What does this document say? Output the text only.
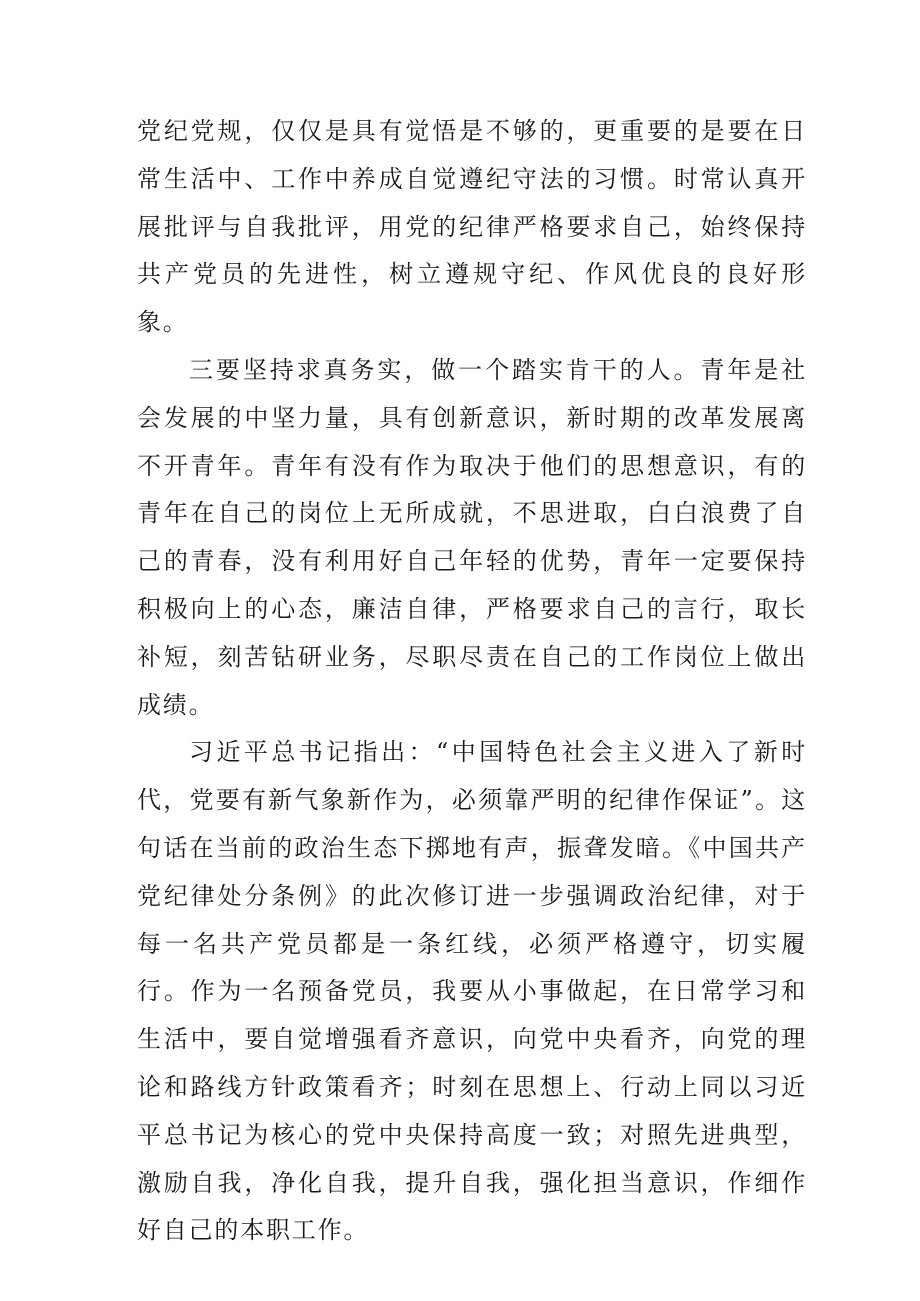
党纪党规，仅仅是具有觉悟是不够的，更重要的是要在日常生活中、工作中养成自觉遵纪守法的习惯。时常认真开展批评与自我批评，用党的纪律严格要求自己，始终保持共产党员的先进性，树立遵规守纪、作风优良的良好形象。

三要坚持求真务实，做一个踏实肯干的人。青年是社会发展的中坚力量，具有创新意识，新时期的改革发展离不开青年。青年有没有作为取决于他们的思想意识，有的青年在自己的岗位上无所成就，不思进取，白白浪费了自己的青春，没有利用好自己年轻的优势，青年一定要保持积极向上的心态，廉洁自律，严格要求自己的言行，取长补短，刻苦钻研业务，尽职尽责在自己的工作岗位上做出成绩。

习近平总书记指出：“中国特色社会主义进入了新时代，党要有新气象新作为，必须靠严明的纪律作保证”。这句话在当前的政治生态下掷地有声，振聋发暗。《中国共产党纪律处分条例》的此次修订进一步强调政治纪律，对于每一名共产党员都是一条红线，必须严格遵守，切实履行。作为一名预备党员，我要从小事做起，在日常学习和生活中，要自觉增强看齐意识，向党中央看齐，向党的理论和路线方针政策看齐；时刻在思想上、行动上同以习近平总书记为核心的党中央保持高度一致；对照先进典型，激励自我，净化自我，提升自我，强化担当意识，作细作好自己的本职工作。
